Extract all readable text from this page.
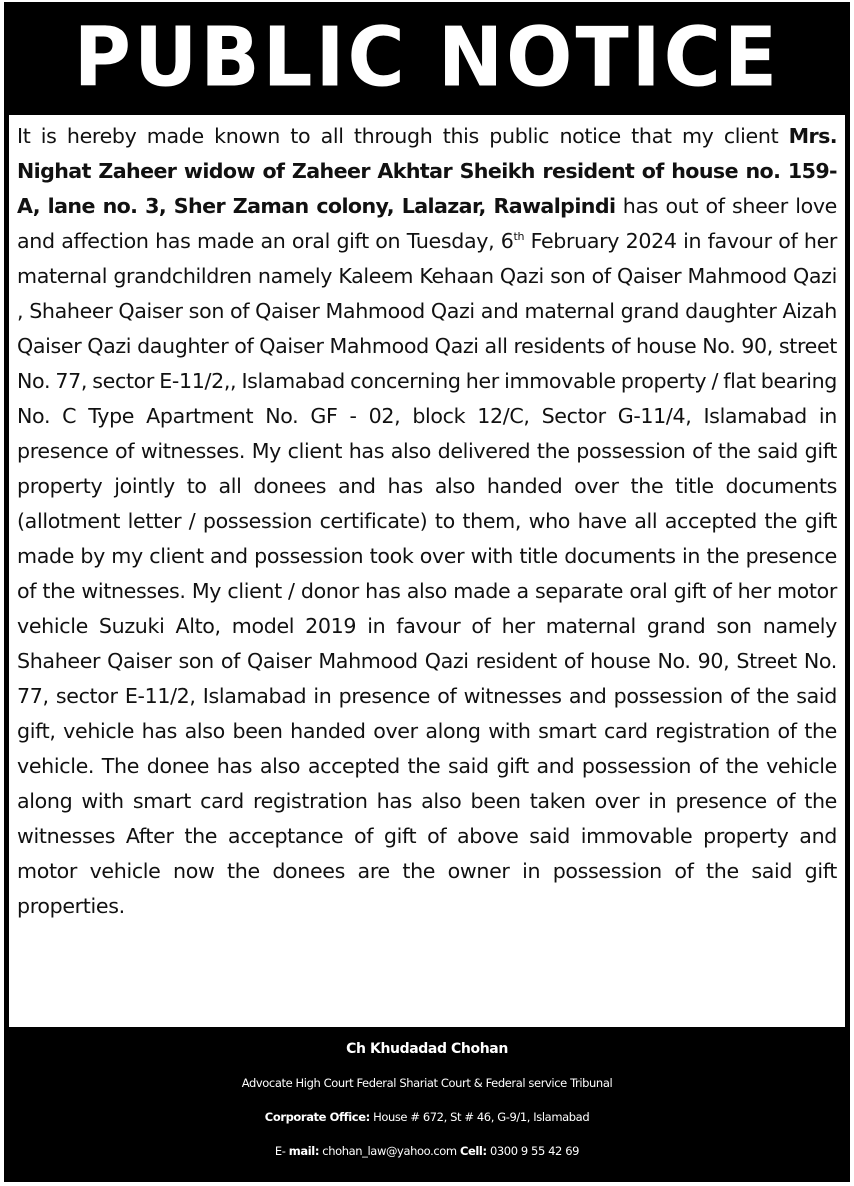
PUBLIC NOTICE

It is hereby made known to all through this public notice that my client Mrs. Nighat Zaheer widow of Zaheer Akhtar Sheikh resident of house no. 159-A, lane no. 3, Sher Zaman colony, Lalazar, Rawalpindi has out of sheer love and affection has made an oral gift on Tuesday, 6th February 2024 in favour of her maternal grandchildren namely Kaleem Kehaan Qazi son of Qaiser Mahmood Qazi , Shaheer Qaiser son of Qaiser Mahmood Qazi and maternal grand daughter Aizah Qaiser Qazi daughter of Qaiser Mahmood Qazi all residents of house No. 90, street No. 77, sector E-11/2,, Islamabad concerning her immovable property / flat bearing No. C Type Apartment No. GF - 02, block 12/C, Sector G-11/4, Islamabad in presence of witnesses. My client has also delivered the possession of the said gift property jointly to all donees and has also handed over the title documents (allotment letter / possession certificate) to them, who have all accepted the gift made by my client and possession took over with title documents in the presence of the witnesses. My client / donor has also made a separate oral gift of her motor vehicle Suzuki Alto, model 2019 in favour of her maternal grand son namely Shaheer Qaiser son of Qaiser Mahmood Qazi resident of house No. 90, Street No. 77, sector E-11/2, Islamabad in presence of witnesses and possession of the said gift, vehicle has also been handed over along with smart card registration of the vehicle. The donee has also accepted the said gift and possession of the vehicle along with smart card registration has also been taken over in presence of the witnesses After the acceptance of gift of above said immovable property and motor vehicle now the donees are the owner in possession of the said gift properties.

Ch Khudadad Chohan
Advocate High Court Federal Shariat Court & Federal service Tribunal
Corporate Office: House # 672, St # 46, G-9/1, Islamabad
E- mail: chohan_law@yahoo.com Cell: 0300 9 55 42 69
